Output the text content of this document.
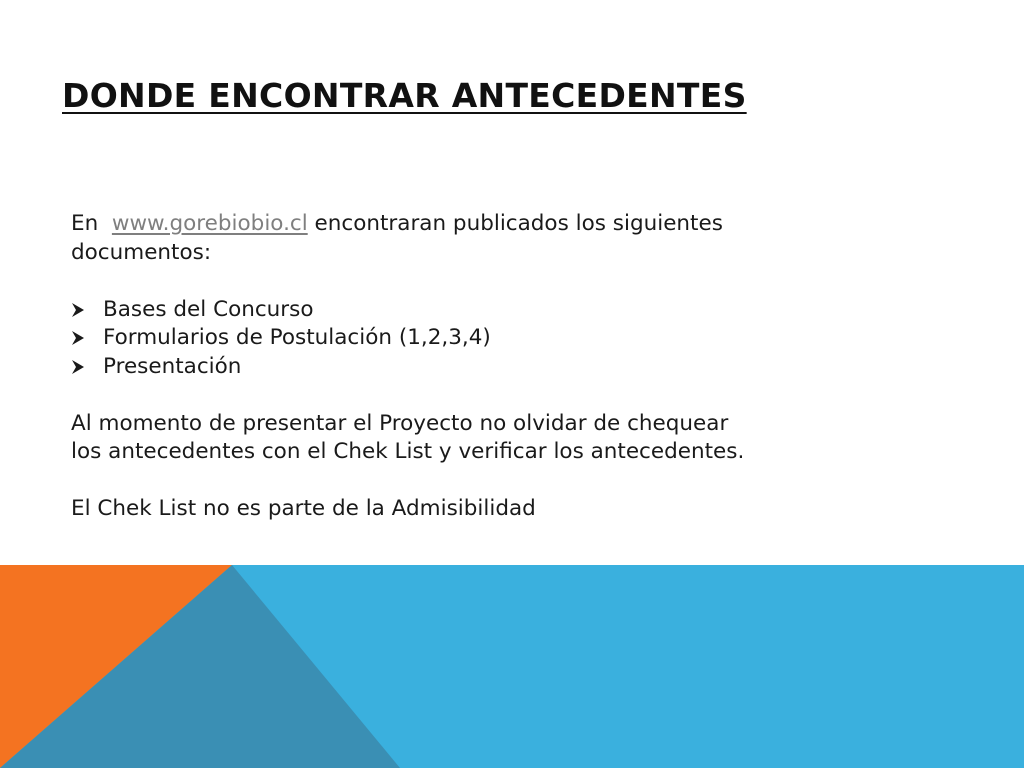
DONDE ENCONTRAR ANTECEDENTES

En www.gorebiobio.cl encontraran publicados los siguientes

documentos:

Bases del Concurso
Formularios de Postulación (1,2,3,4)
Presentación

Al momento de presentar el Proyecto no olvidar de chequear

los antecedentes con el Chek List y verificar los antecedentes.

El Chek List no es parte de la Admisibilidad
